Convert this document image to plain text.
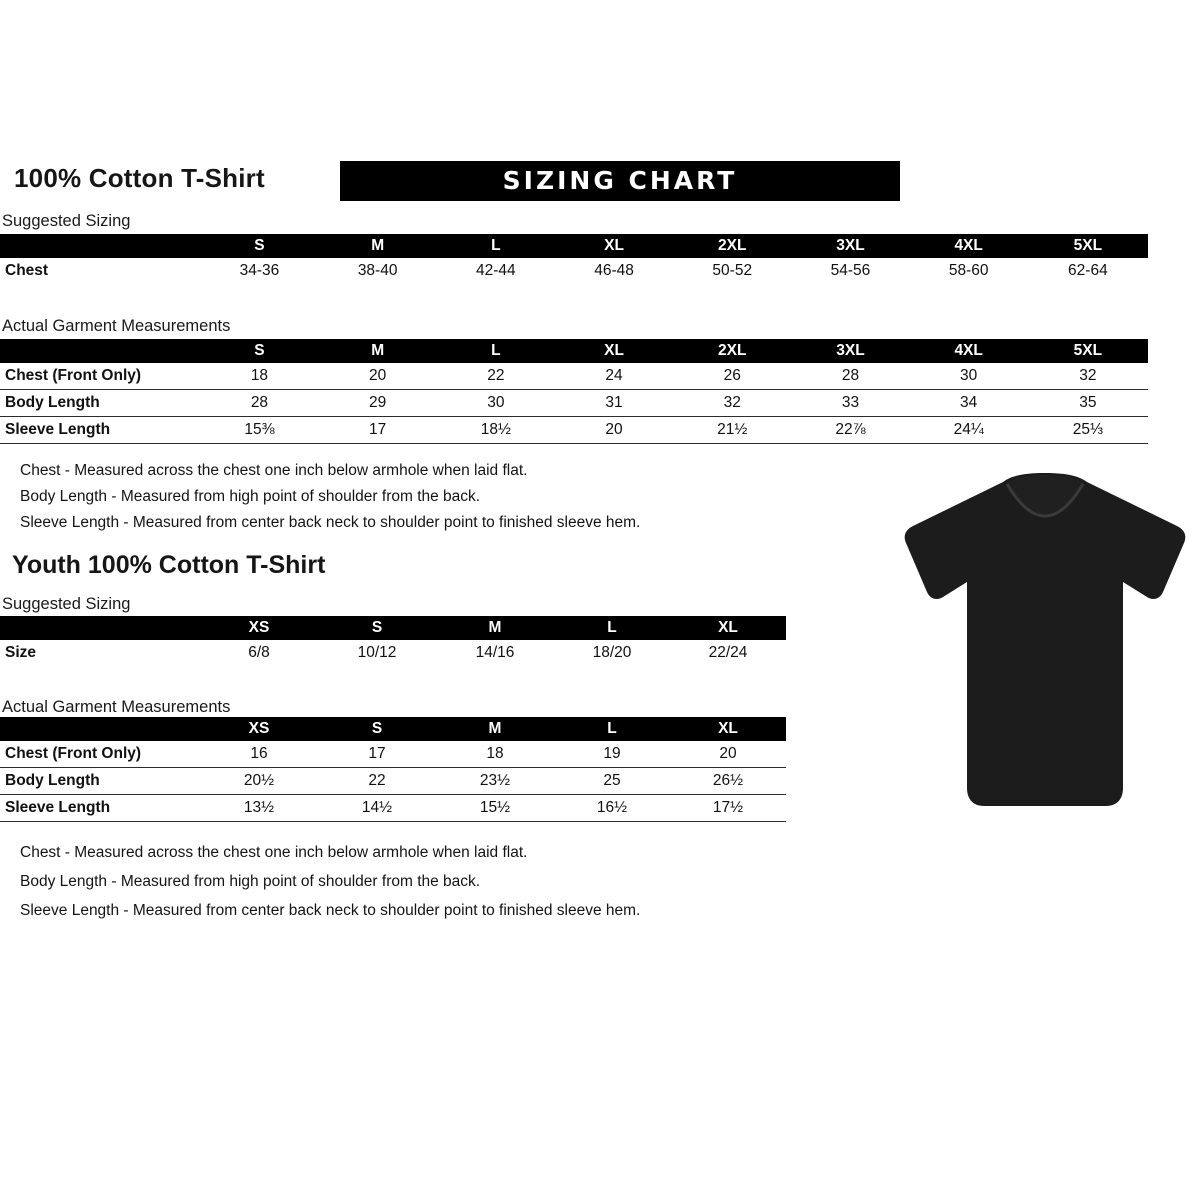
100% Cotton T-Shirt	SIZING CHART
Suggested Sizing
	S	M	L	XL	2XL	3XL	4XL	5XL
Chest	34-36	38-40	42-44	46-48	50-52	54-56	58-60	62-64
Actual Garment Measurements
	S	M	L	XL	2XL	3XL	4XL	5XL
Chest (Front Only)	18	20	22	24	26	28	30	32

Body Length	28	29	30	31	32	33	34	35

Sleeve Length	15⅜	17	18½	20	21½	22⅞	24¼	25⅓

Chest - Measured across the chest one inch below armhole when laid flat.
Body Length - Measured from high point of shoulder from the back.
Sleeve Length - Measured from center back neck to shoulder point to finished sleeve hem.
Youth 100% Cotton T-Shirt
Suggested Sizing
	XS	S	M	L	XL
Size	6/8	10/12	14/16	18/20	22/24
Actual Garment Measurements
	XS	S	M	L	XL
Chest (Front Only)	16	17	18	19	20

Body Length	20½	22	23½	25	26½

Sleeve Length	13½	14½	15½	16½	17½

Chest - Measured across the chest one inch below armhole when laid flat.
Body Length - Measured from high point of shoulder from the back.
Sleeve Length - Measured from center back neck to shoulder point to finished sleeve hem.
